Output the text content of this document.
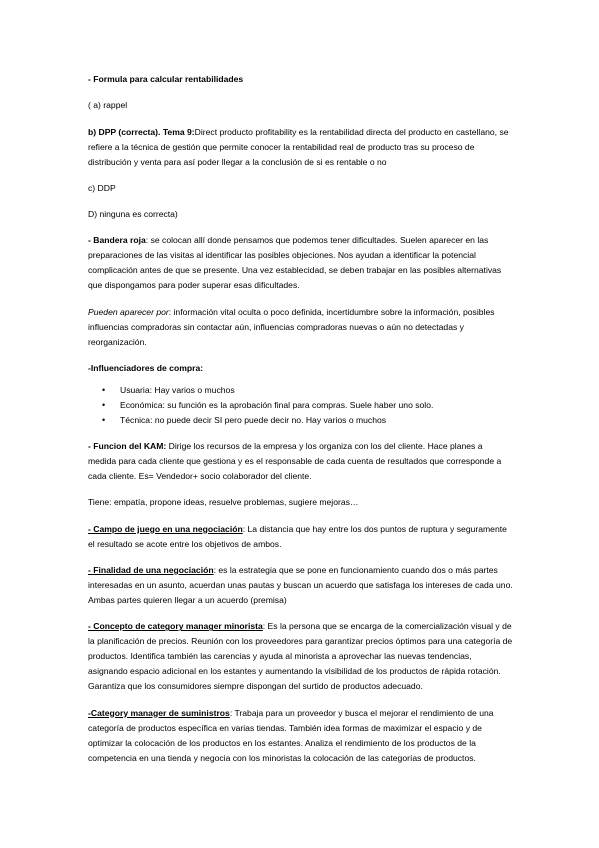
- Formula para calcular rentabilidades

( a) rappel

b) DPP (correcta). Tema 9:Direct producto profitability es la rentabilidad directa del producto en castellano, se refiere a la técnica de gestión que permite conocer la rentabilidad real de producto tras su proceso de distribución y venta para así poder llegar a la conclusión de si es rentable o no

c) DDP

D) ninguna es correcta)

- Bandera roja: se colocan allí donde pensamos que podemos tener dificultades. Suelen aparecer en las preparaciones de las visitas al identificar las posibles objeciones. Nos ayudan a identificar la potencial complicación antes de que se presente. Una vez establecidad, se deben trabajar en las posibles alternativas que dispongamos para poder superar esas dificultades.

Pueden aparecer por: información vital oculta o poco definida, incertidumbre sobre la información, posibles influencias compradoras sin contactar aún, influencias compradoras nuevas o aún no detectadas y reorganización.

-Influenciadores de compra:

• Usuaria: Hay varios o muchos
• Económica: su función es la aprobación final para compras. Suele haber uno solo.
• Técnica: no puede decir SI pero puede decir no. Hay varios o muchos

- Funcion del KAM: Dirige los recursos de la empresa y los organiza con los del cliente. Hace planes a medida para cada cliente que gestiona y es el responsable de cada cuenta de resultados que corresponde a cada cliente. Es= Vendedor+ socio colaborador del cliente.

Tiene: empatía, propone ideas, resuelve problemas, sugiere mejoras…

- Campo de juego en una negociación: La distancia que hay entre los dos puntos de ruptura y seguramente el resultado se acote entre los objetivos de ambos.

- Finalidad de una negociación: es la estrategia que se pone en funcionamiento cuando dos o más partes interesadas en un asunto, acuerdan unas pautas y buscan un acuerdo que satisfaga los intereses de cada uno. Ambas partes quieren llegar a un acuerdo (premisa)

- Concepto de category manager minorista: Es la persona que se encarga de la comercialización visual y de la planificación de precios. Reunión con los proveedores para garantizar precios óptimos para una categoría de productos. Identifica también las carencias y ayuda al minorista a aprovechar las nuevas tendencias, asignando espacio adicional en los estantes y aumentando la visibilidad de los productos de rápida rotación. Garantiza que los consumidores siempre dispongan del surtido de productos adecuado.

-Category manager de suministros: Trabaja para un proveedor y busca el mejorar el rendimiento de una categoría de productos específica en varias tiendas. También idea formas de maximizar el espacio y de optimizar la colocación de los productos en los estantes. Analiza el rendimiento de los productos de la competencia en una tienda y negocia con los minoristas la colocación de las categorías de productos.
